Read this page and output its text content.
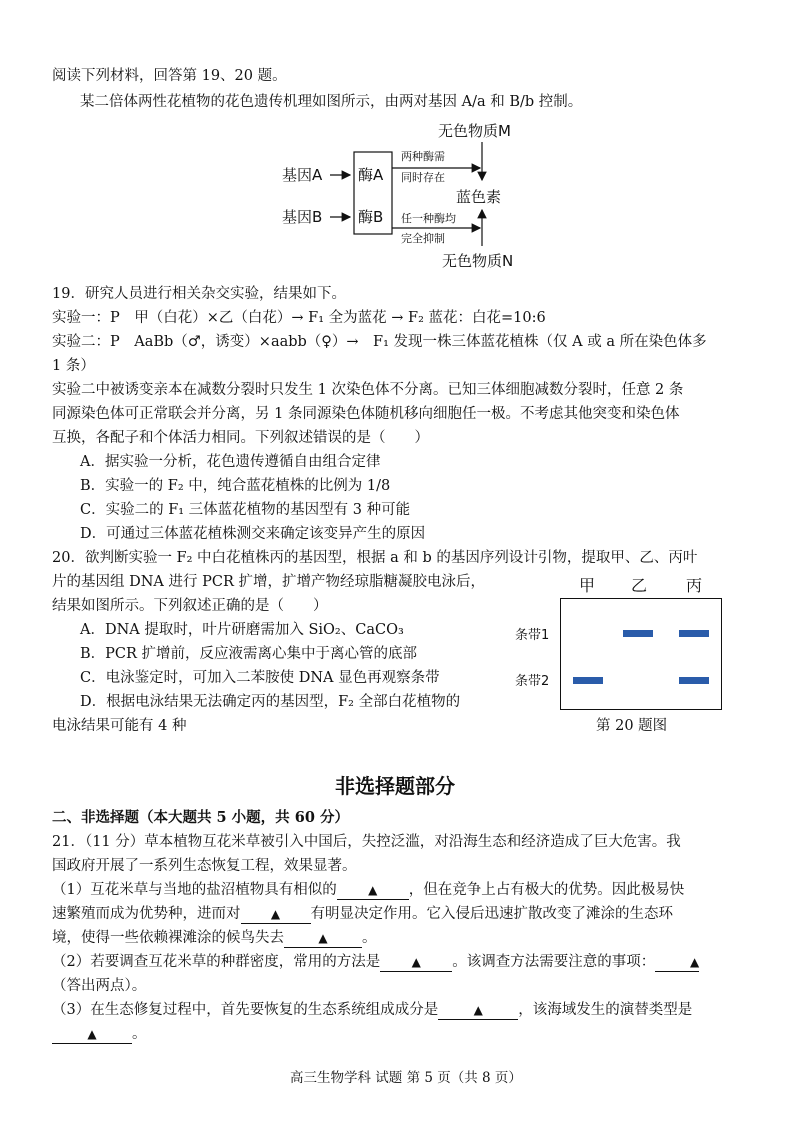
阅读下列材料，回答第 19、20 题。
某二倍体两性花植物的花色遗传机理如图所示，由两对基因 A/a 和 B/b 控制。
无色物质M
基因A 酶A
基因B 酶B
两种酶需
同时存在
蓝色素
任一种酶均
完全抑制
无色物质N
19．研究人员进行相关杂交实验，结果如下。
实验一：P　甲（白花）×乙（白花）→ F₁ 全为蓝花 → F₂ 蓝花：白花=10:6
实验二：P　AaBb（♂，诱变）×aabb（♀）→　F₁ 发现一株三体蓝花植株（仅 A 或 a 所在染色体多
1 条）
实验二中被诱变亲本在减数分裂时只发生 1 次染色体不分离。已知三体细胞减数分裂时，任意 2 条
同源染色体可正常联会并分离，另 1 条同源染色体随机移向细胞任一极。不考虑其他突变和染色体
互换，各配子和个体活力相同。下列叙述错误的是（　　）
A．据实验一分析，花色遗传遵循自由组合定律
B．实验一的 F₂ 中，纯合蓝花植株的比例为 1/8
C．实验二的 F₁ 三体蓝花植物的基因型有 3 种可能
D．可通过三体蓝花植株测交来确定该变异产生的原因
20．欲判断实验一 F₂ 中白花植株丙的基因型，根据 a 和 b 的基因序列设计引物，提取甲、乙、丙叶
片的基因组 DNA 进行 PCR 扩增，扩增产物经琼脂糖凝胶电泳后，
结果如图所示。下列叙述正确的是（　　）
A．DNA 提取时，叶片研磨需加入 SiO₂、CaCO₃
B．PCR 扩增前，反应液需离心集中于离心管的底部
C．电泳鉴定时，可加入二苯胺使 DNA 显色再观察条带
D．根据电泳结果无法确定丙的基因型，F₂ 全部白花植物的
电泳结果可能有 4 种
甲 乙 丙
条带1
条带2
第 20 题图
非选择题部分
二、非选择题（本大题共 5 小题，共 60 分）
21．（11 分）草本植物互花米草被引入中国后，失控泛滥，对沿海生态和经济造成了巨大危害。我
国政府开展了一系列生态恢复工程，效果显著。
（1）互花米草与当地的盐沼植物具有相似的	▲ ，但在竞争上占有极大的优势。因此极易快
速繁殖而成为优势种，进而对	▲ 有明显决定作用。它入侵后迅速扩散改变了滩涂的生态环
境，使得一些依赖裸滩涂的候鸟失去	▲ 。
（2）若要调查互花米草的种群密度，常用的方法是	▲ 。该调查方法需要注意的事项：	▲
（答出两点）。
（3）在生态修复过程中，首先要恢复的生态系统组成成分是	▲ ，该海域发生的演替类型是
▲ 。
高三生物学科 试题 第 5 页（共 8 页）
